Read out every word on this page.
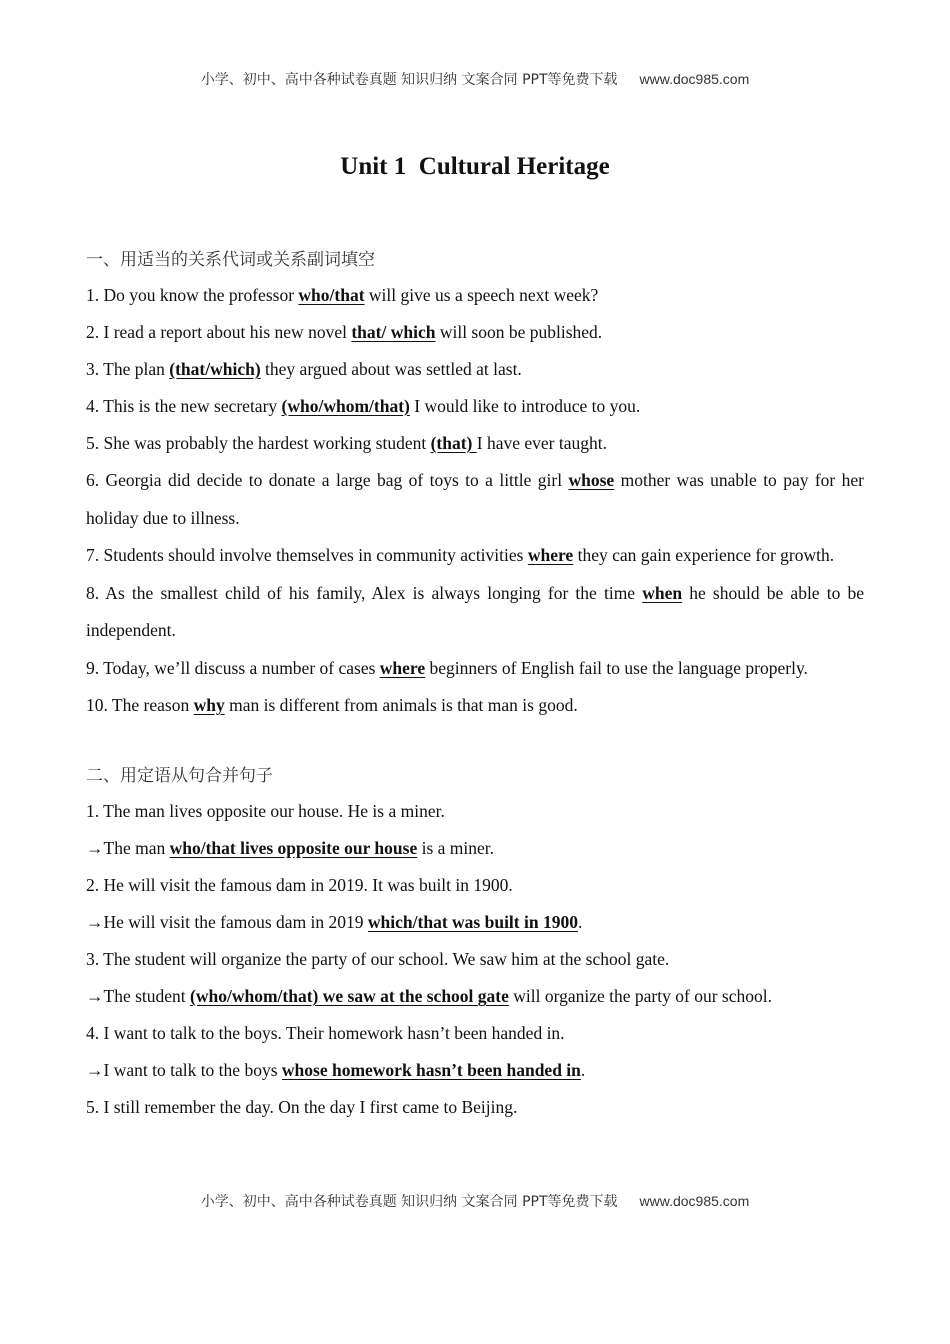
小学、初中、高中各种试卷真题 知识归纳 文案合同 PPT等免费下载 www.doc985.com
Unit 1  Cultural Heritage
一、用适当的关系代词或关系副词填空
1. Do you know the professor who/that will give us a speech next week?
2. I read a report about his new novel that/ which will soon be published.
3. The plan (that/which) they argued about was settled at last.
4. This is the new secretary (who/whom/that) I would like to introduce to you.
5. She was probably the hardest working student (that) I have ever taught.
6. Georgia did decide to donate a large bag of toys to a little girl whose mother was unable to pay for her holiday due to illness.
7. Students should involve themselves in community activities where they can gain experience for growth.
8. As the smallest child of his family, Alex is always longing for the time when he should be able to be independent.
9. Today, we’ll discuss a number of cases where beginners of English fail to use the language properly.
10. The reason why man is different from animals is that man is good.
二、用定语从句合并句子
1. The man lives opposite our house. He is a miner.
→The man who/that lives opposite our house is a miner.
2. He will visit the famous dam in 2019. It was built in 1900.
→He will visit the famous dam in 2019 which/that was built in 1900.
3. The student will organize the party of our school. We saw him at the school gate.
→The student (who/whom/that) we saw at the school gate will organize the party of our school.
4. I want to talk to the boys. Their homework hasn’t been handed in.
→I want to talk to the boys whose homework hasn’t been handed in.
5. I still remember the day. On the day I first came to Beijing.
小学、初中、高中各种试卷真题 知识归纳 文案合同 PPT等免费下载 www.doc985.com
